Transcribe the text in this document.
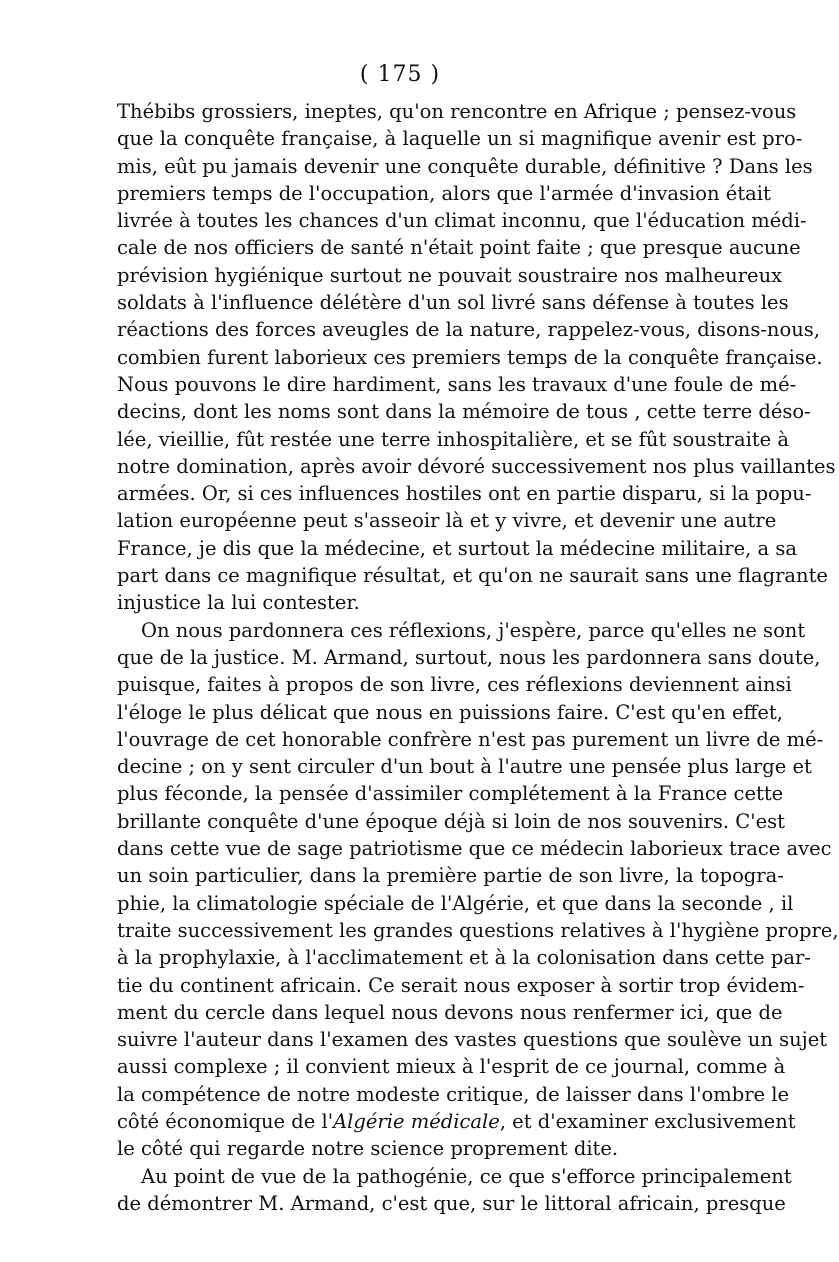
( 175 )
Thébibs grossiers, ineptes, qu'on rencontre en Afrique ; pensez-vous
que la conquête française, à laquelle un si magnifique avenir est pro-
mis, eût pu jamais devenir une conquête durable, définitive ? Dans les
premiers temps de l'occupation, alors que l'armée d'invasion était
livrée à toutes les chances d'un climat inconnu, que l'éducation médi-
cale de nos officiers de santé n'était point faite ; que presque aucune
prévision hygiénique surtout ne pouvait soustraire nos malheureux
soldats à l'influence délétère d'un sol livré sans défense à toutes les
réactions des forces aveugles de la nature, rappelez-vous, disons-nous,
combien furent laborieux ces premiers temps de la conquête française.
Nous pouvons le dire hardiment, sans les travaux d'une foule de mé-
decins, dont les noms sont dans la mémoire de tous , cette terre déso-
lée, vieillie, fût restée une terre inhospitalière, et se fût soustraite à
notre domination, après avoir dévoré successivement nos plus vaillantes
armées. Or, si ces influences hostiles ont en partie disparu, si la popu-
lation européenne peut s'asseoir là et y vivre, et devenir une autre
France, je dis que la médecine, et surtout la médecine militaire, a sa
part dans ce magnifique résultat, et qu'on ne saurait sans une flagrante
injustice la lui contester.
On nous pardonnera ces réflexions, j'espère, parce qu'elles ne sont
que de la justice. M. Armand, surtout, nous les pardonnera sans doute,
puisque, faites à propos de son livre, ces réflexions deviennent ainsi
l'éloge le plus délicat que nous en puissions faire. C'est qu'en effet,
l'ouvrage de cet honorable confrère n'est pas purement un livre de mé-
decine ; on y sent circuler d'un bout à l'autre une pensée plus large et
plus féconde, la pensée d'assimiler complétement à la France cette
brillante conquête d'une époque déjà si loin de nos souvenirs. C'est
dans cette vue de sage patriotisme que ce médecin laborieux trace avec
un soin particulier, dans la première partie de son livre, la topogra-
phie, la climatologie spéciale de l'Algérie, et que dans la seconde , il
traite successivement les grandes questions relatives à l'hygiène propre,
à la prophylaxie, à l'acclimatement et à la colonisation dans cette par-
tie du continent africain. Ce serait nous exposer à sortir trop évidem-
ment du cercle dans lequel nous devons nous renfermer ici, que de
suivre l'auteur dans l'examen des vastes questions que soulève un sujet
aussi complexe ; il convient mieux à l'esprit de ce journal, comme à
la compétence de notre modeste critique, de laisser dans l'ombre le
côté économique de l'Algérie médicale, et d'examiner exclusivement
le côté qui regarde notre science proprement dite.
Au point de vue de la pathogénie, ce que s'efforce principalement
de démontrer M. Armand, c'est que, sur le littoral africain, presque
